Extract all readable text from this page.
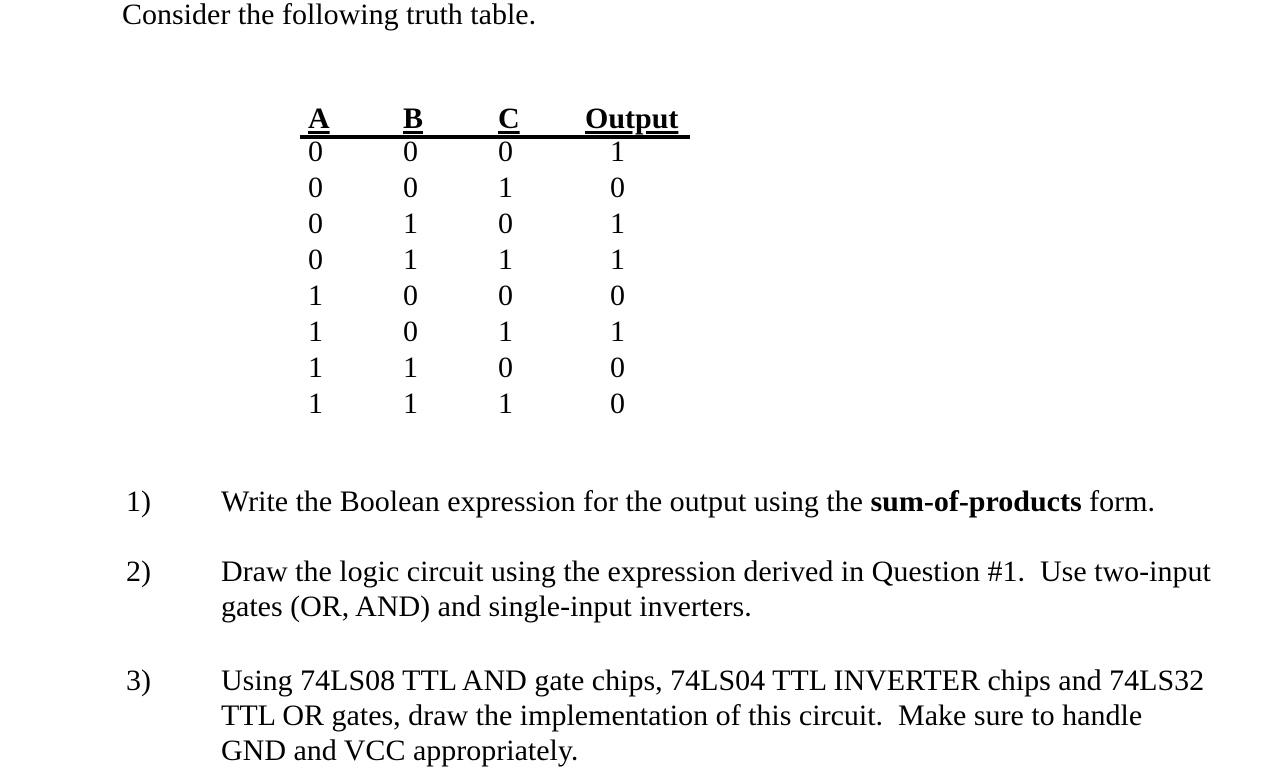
Consider the following truth table.
A	B	C	Output
0	0	0	1
0	0	1	0
0	1	0	1
0	1	1	1
1	0	0	0
1	0	1	1
1	1	0	0
1	1	1	0
1) Write the Boolean expression for the output using the sum-of-products form.
2) Draw the logic circuit using the expression derived in Question #1.  Use two-input
gates (OR, AND) and single-input inverters.
3) Using 74LS08 TTL AND gate chips, 74LS04 TTL INVERTER chips and 74LS32
TTL OR gates, draw the implementation of this circuit.  Make sure to handle
GND and VCC appropriately.
